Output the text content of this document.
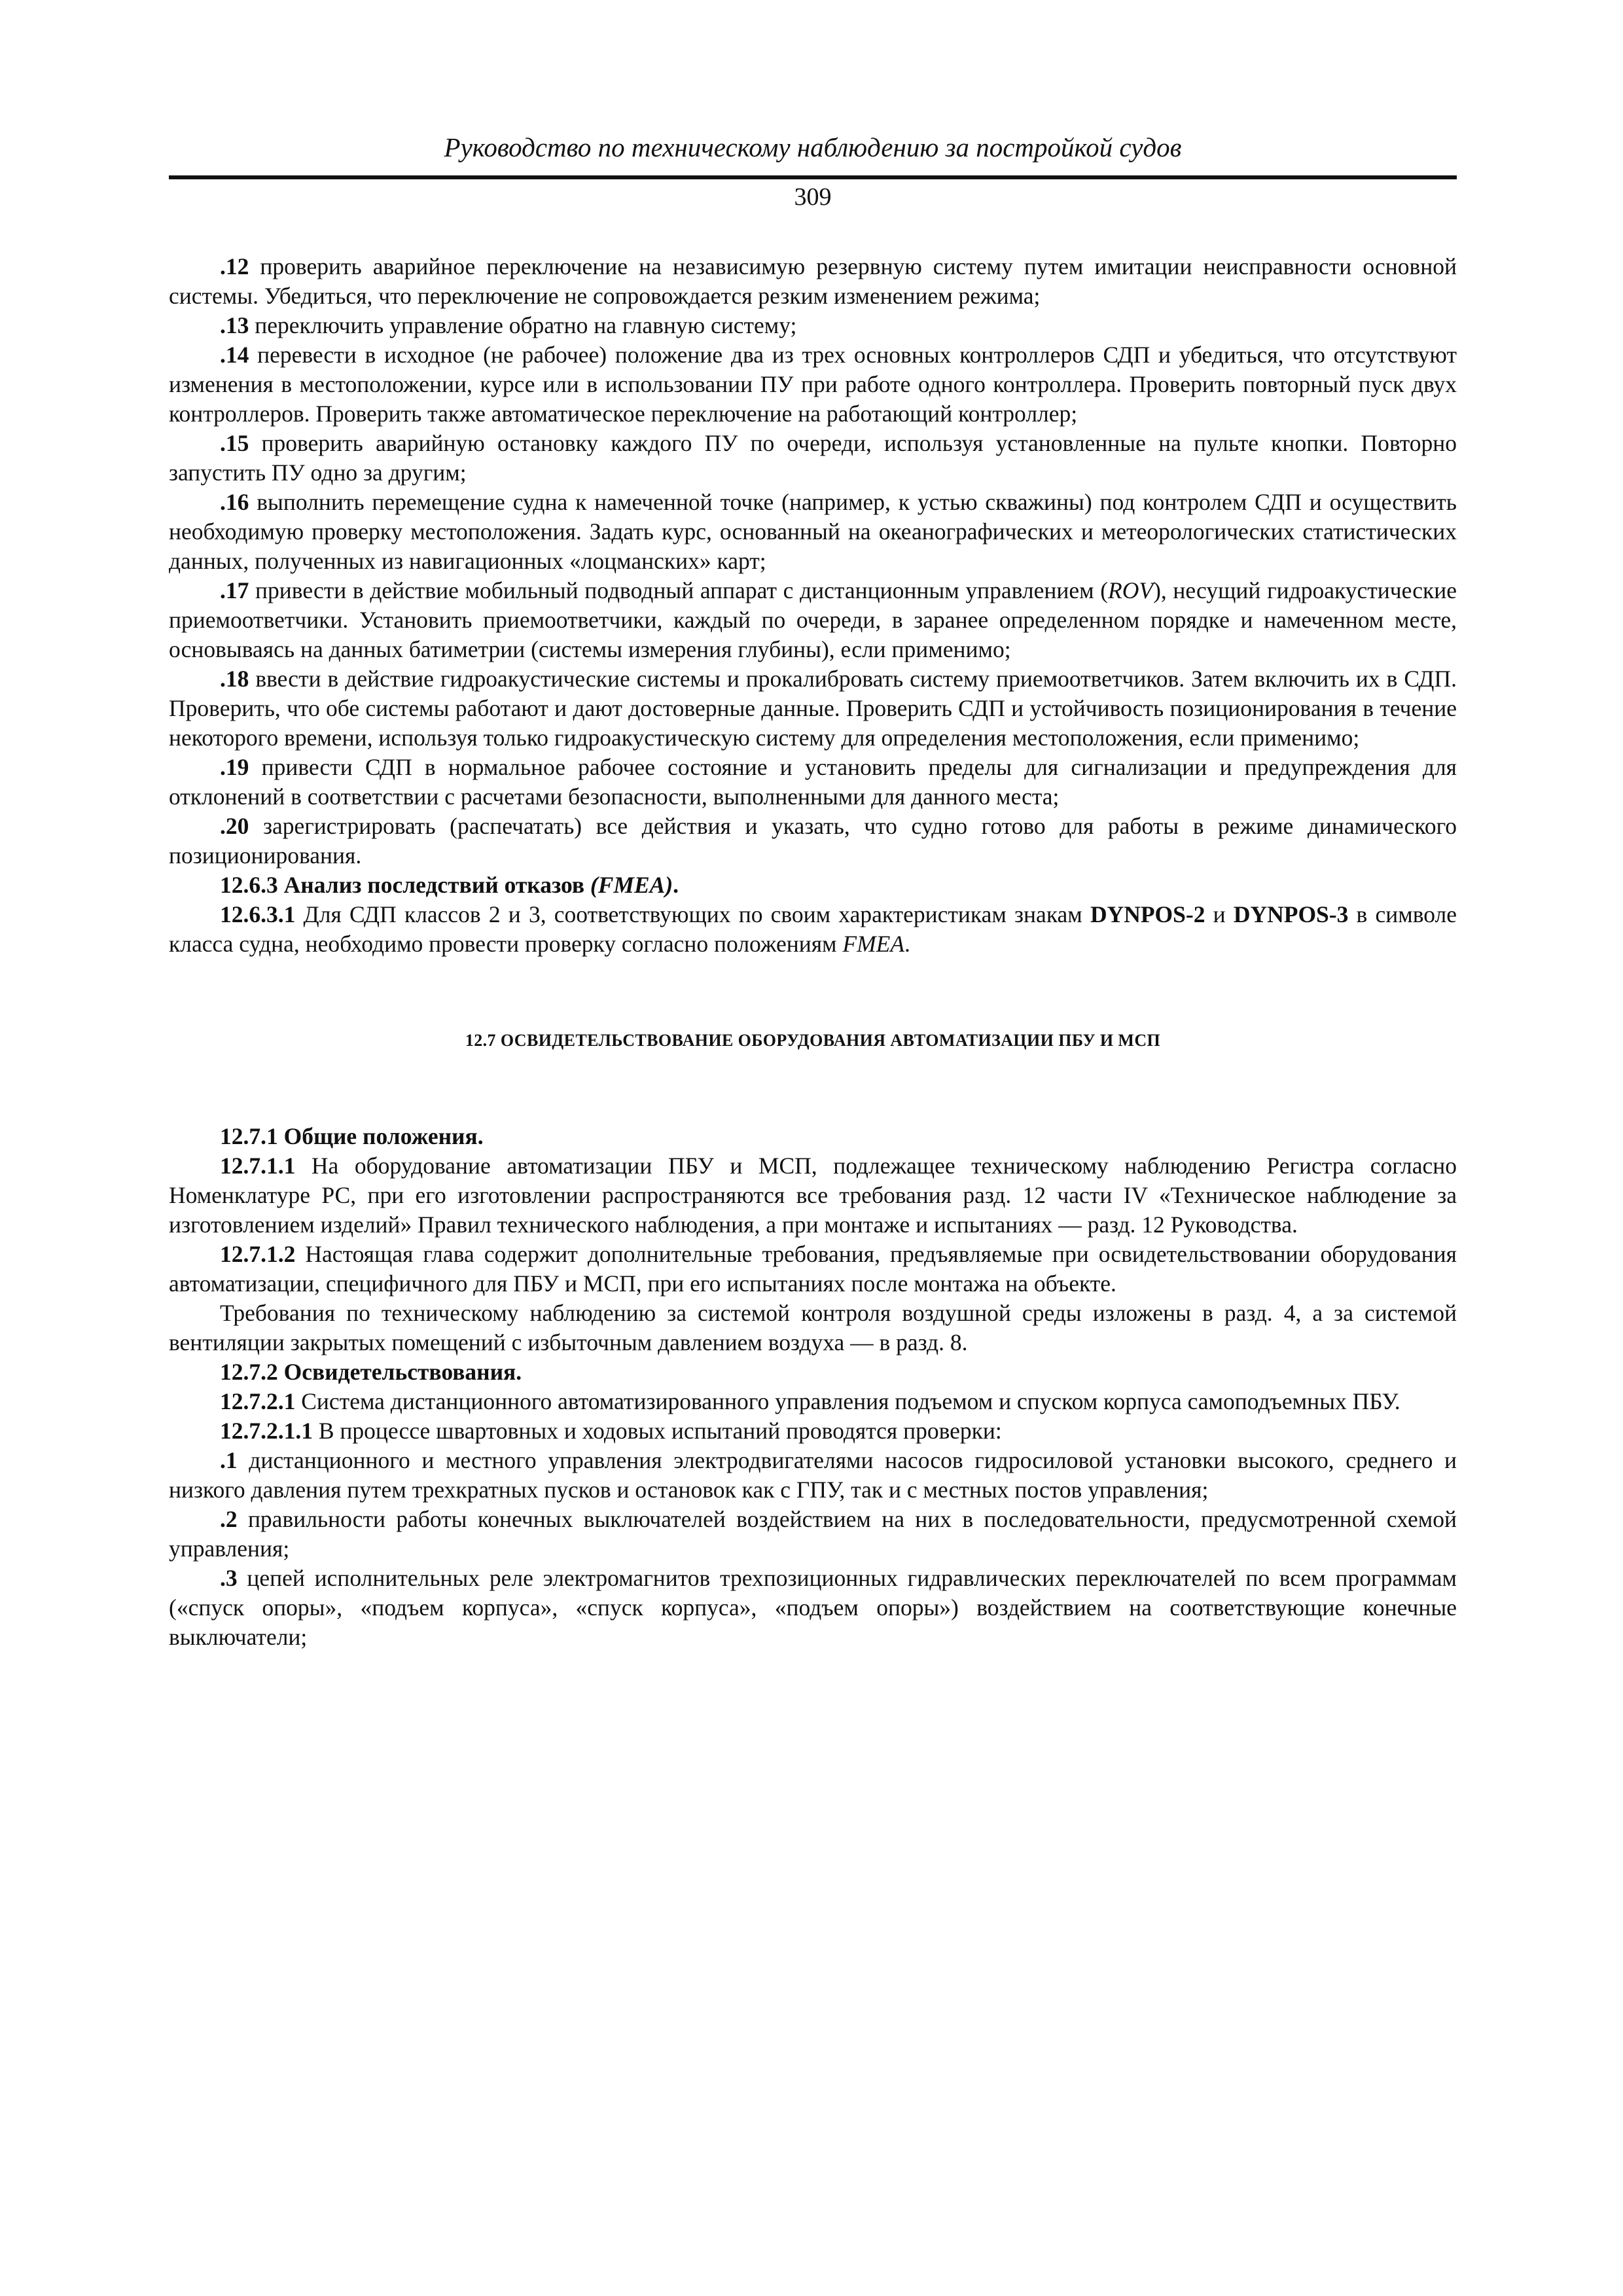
Руководство по техническому наблюдению за постройкой судов
309

.12 проверить аварийное переключение на независимую резервную систему путем имитации неисправности основной системы. Убедиться, что переключение не сопровождается резким изменением режима;

.13 переключить управление обратно на главную систему;

.14 перевести в исходное (не рабочее) положение два из трех основных контроллеров СДП и убедиться, что отсутствуют изменения в местоположении, курсе или в использовании ПУ при работе одного контроллера. Проверить повторный пуск двух контроллеров. Проверить также автоматическое переключение на работающий контроллер;

.15 проверить аварийную остановку каждого ПУ по очереди, используя установленные на пульте кнопки. Повторно запустить ПУ одно за другим;

.16 выполнить перемещение судна к намеченной точке (например, к устью скважины) под контролем СДП и осуществить необходимую проверку местоположения. Задать курс, основанный на океанографических и метеорологических статистических данных, полученных из навигационных «лоцманских» карт;

.17 привести в действие мобильный подводный аппарат с дистанционным управлением (ROV), несущий гидроакустические приемоответчики. Установить приемоответчики, каждый по очереди, в заранее определенном порядке и намеченном месте, основываясь на данных батиметрии (системы измерения глубины), если применимо;

.18 ввести в действие гидроакустические системы и прокалибровать систему приемоответчиков. Затем включить их в СДП. Проверить, что обе системы работают и дают достоверные данные. Проверить СДП и устойчивость позиционирования в течение некоторого времени, используя только гидроакустическую систему для определения местоположения, если применимо;

.19 привести СДП в нормальное рабочее состояние и установить пределы для сигнализации и предупреждения для отклонений в соответствии с расчетами безопасности, выполненными для данного места;

.20 зарегистрировать (распечатать) все действия и указать, что судно готово для работы в режиме динамического позиционирования.

12.6.3 Анализ последствий отказов (FMEA).

12.6.3.1 Для СДП классов 2 и 3, соответствующих по своим характеристикам знакам DYNPOS-2 и DYNPOS-3 в символе класса судна, необходимо провести проверку согласно положениям FMEA.

12.7 ОСВИДЕТЕЛЬСТВОВАНИЕ ОБОРУДОВАНИЯ АВТОМАТИЗАЦИИ ПБУ И МСП

12.7.1 Общие положения.

12.7.1.1 На оборудование автоматизации ПБУ и МСП, подлежащее техническому наблюдению Регистра согласно Номенклатуре РС, при его изготовлении распространяются все требования разд. 12 части IV «Техническое наблюдение за изготовлением изделий» Правил технического наблюдения, а при монтаже и испытаниях — разд. 12 Руководства.

12.7.1.2 Настоящая глава содержит дополнительные требования, предъявляемые при освидетельствовании оборудования автоматизации, специфичного для ПБУ и МСП, при его испытаниях после монтажа на объекте.

Требования по техническому наблюдению за системой контроля воздушной среды изложены в разд. 4, а за системой вентиляции закрытых помещений с избыточным давлением воздуха — в разд. 8.

12.7.2 Освидетельствования.

12.7.2.1 Система дистанционного автоматизированного управления подъемом и спуском корпуса самоподъемных ПБУ.

12.7.2.1.1 В процессе швартовных и ходовых испытаний проводятся проверки:

.1 дистанционного и местного управления электродвигателями насосов гидросиловой установки высокого, среднего и низкого давления путем трехкратных пусков и остановок как с ГПУ, так и с местных постов управления;

.2 правильности работы конечных выключателей воздействием на них в последовательности, предусмотренной схемой управления;

.3 цепей исполнительных реле электромагнитов трехпозиционных гидравлических переключателей по всем программам («спуск опоры», «подъем корпуса», «спуск корпуса», «подъем опоры») воздействием на соответствующие конечные выключатели;
